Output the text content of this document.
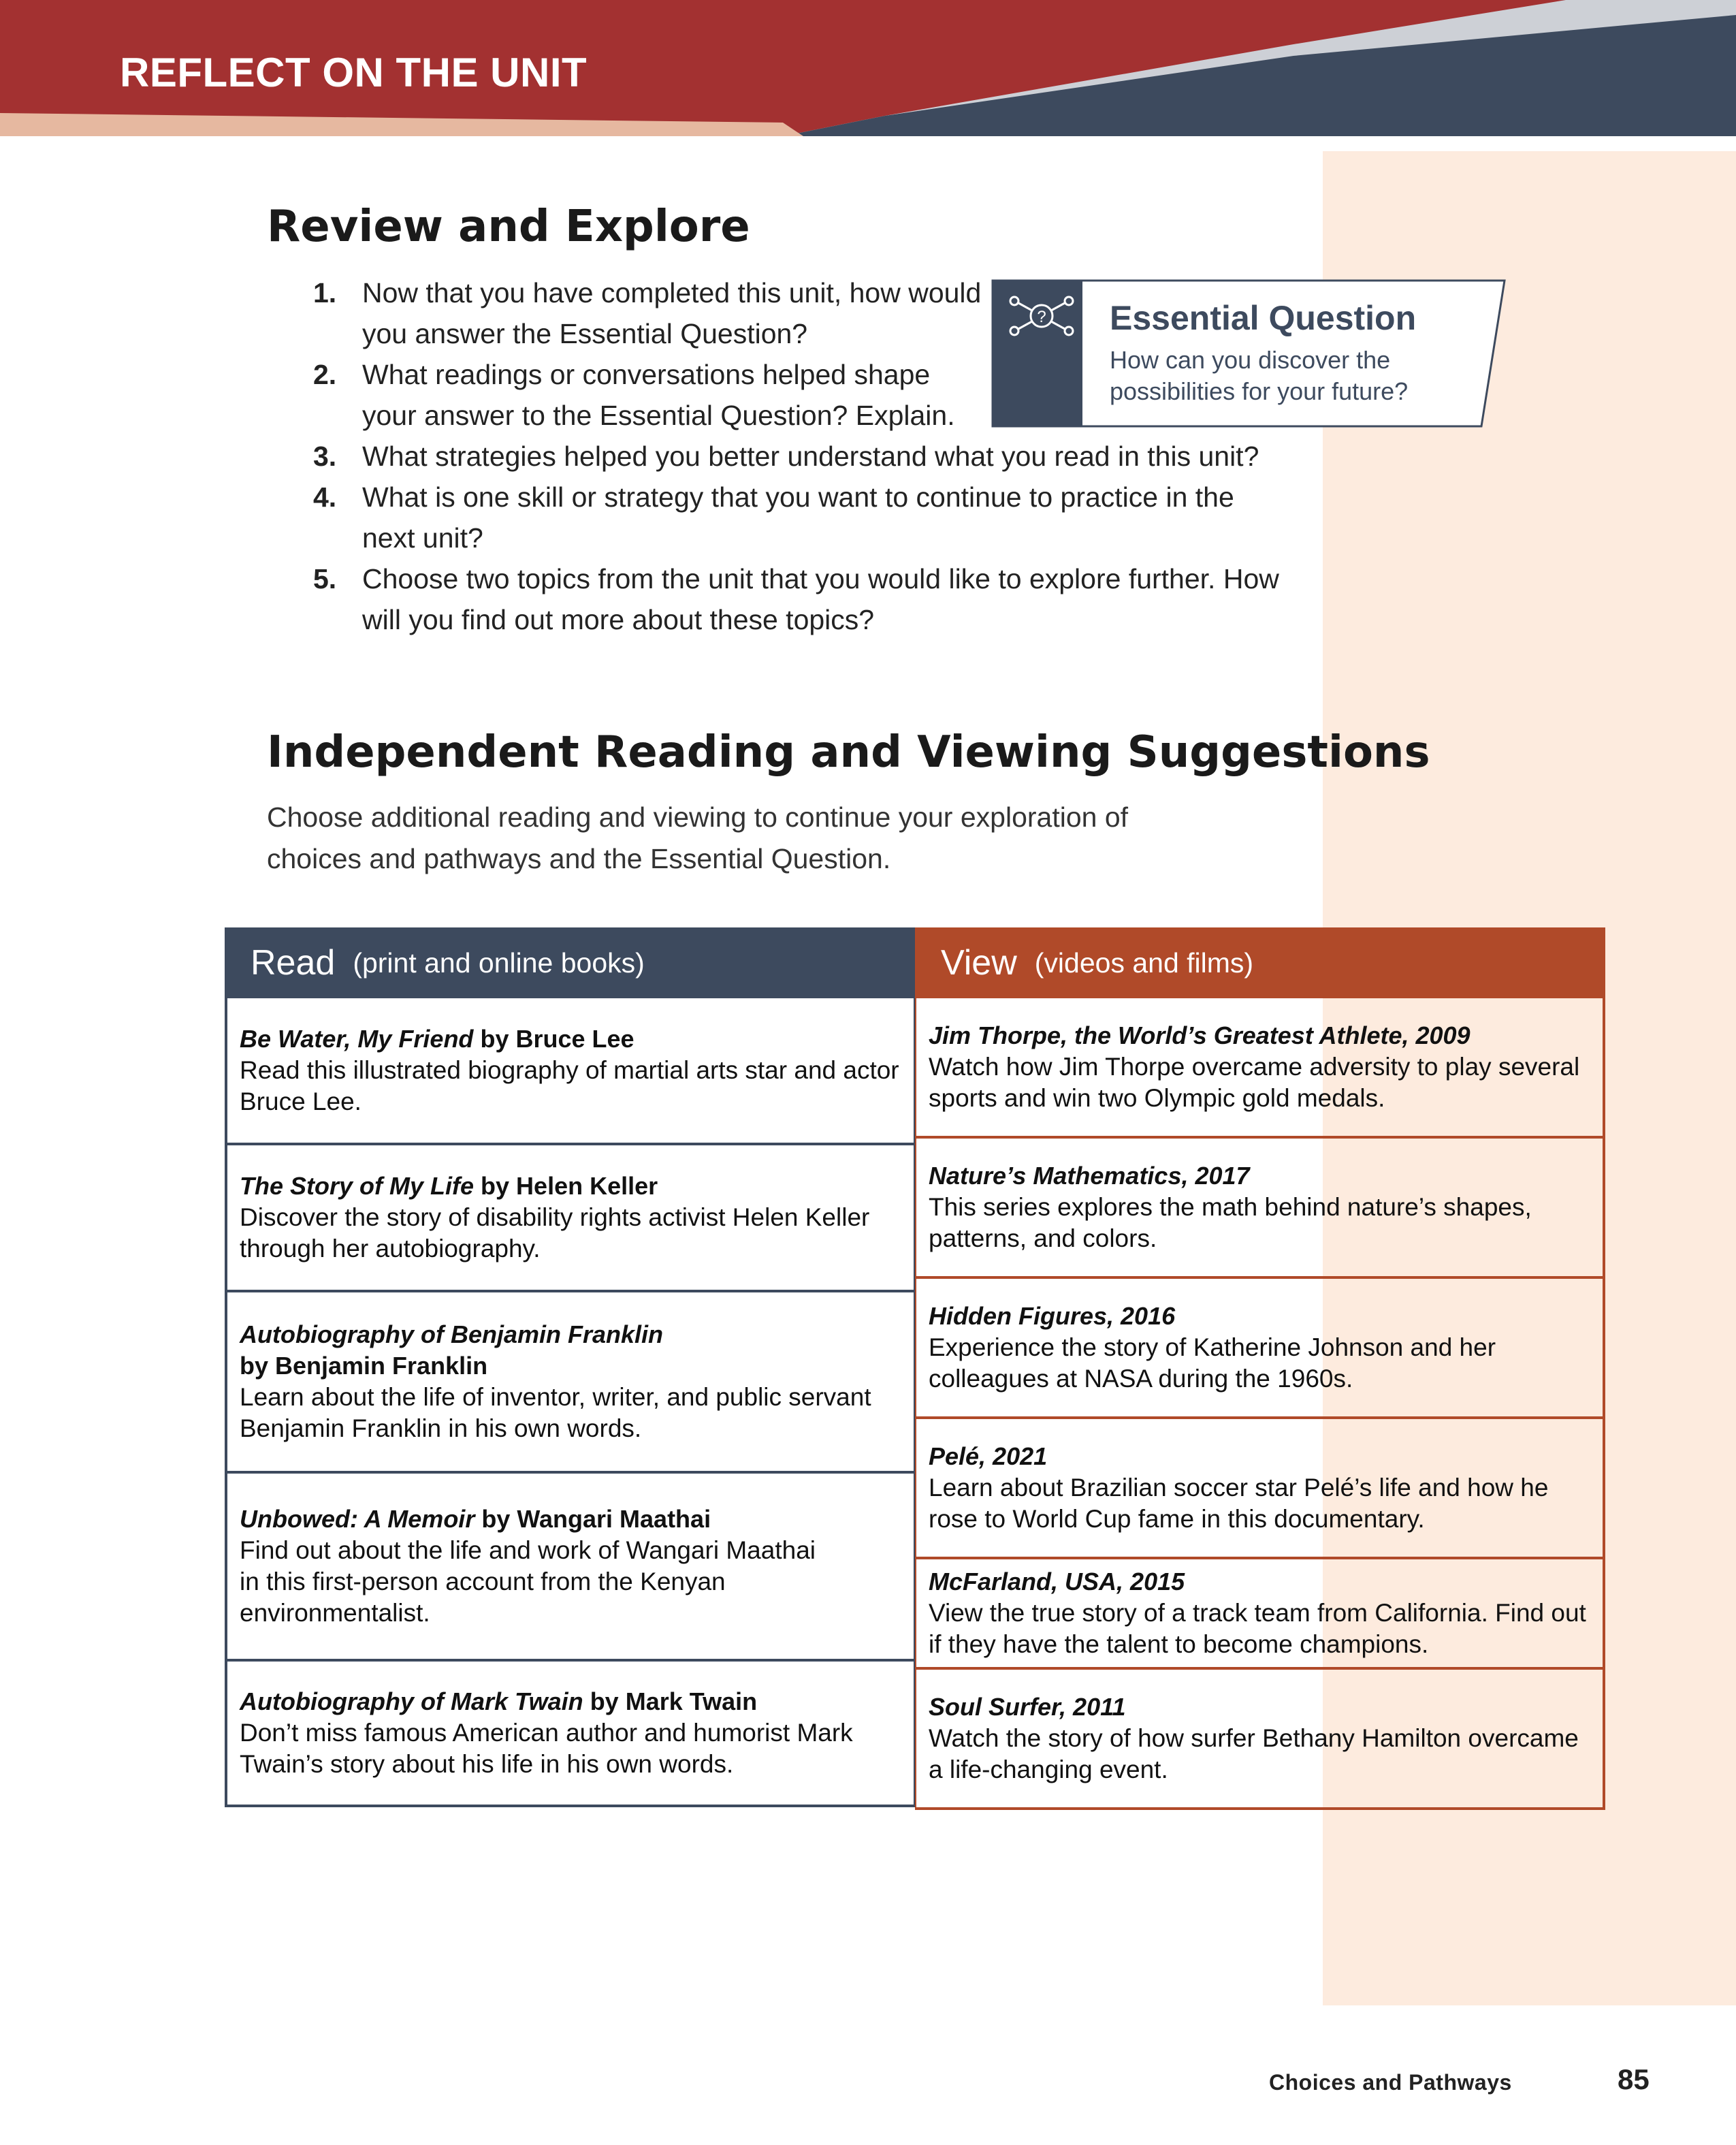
REFLECT ON THE UNIT
Review and Explore
1. Now that you have completed this unit, how would you answer the Essential Question?
2. What readings or conversations helped shape your answer to the Essential Question? Explain.
3. What strategies helped you better understand what you read in this unit?
4. What is one skill or strategy that you want to continue to practice in the next unit?
5. Choose two topics from the unit that you would like to explore further. How will you find out more about these topics?
? Essential Question

How can you discover the possibilities for your future?

Independent Reading and Viewing Suggestions

Choose additional reading and viewing to continue your exploration of choices and pathways and the Essential Question.

Read (print and online books)

Be Water, My Friend by Bruce Lee

Read this illustrated biography of martial arts star and actor Bruce Lee.

The Story of My Life by Helen Keller

Discover the story of disability rights activist Helen Keller through her autobiography.

Autobiography of Benjamin Franklin
by Benjamin Franklin

Learn about the life of inventor, writer, and public servant Benjamin Franklin in his own words.

Unbowed: A Memoir by Wangari Maathai

Find out about the life and work of Wangari Maathai in this first-person account from the Kenyan environmentalist.

Autobiography of Mark Twain by Mark Twain

Don’t miss famous American author and humorist Mark Twain’s story about his life in his own words.

View (videos and films)

Jim Thorpe, the World’s Greatest Athlete, 2009

Watch how Jim Thorpe overcame adversity to play several sports and win two Olympic gold medals.

Nature’s Mathematics, 2017

This series explores the math behind nature’s shapes, patterns, and colors.

Hidden Figures, 2016

Experience the story of Katherine Johnson and her colleagues at NASA during the 1960s.

Pelé, 2021

Learn about Brazilian soccer star Pelé’s life and how he rose to World Cup fame in this documentary.

McFarland, USA, 2015

View the true story of a track team from California. Find out if they have the talent to become champions.

Soul Surfer, 2011

Watch the story of how surfer Bethany Hamilton overcame a life-changing event.

Choices and Pathways	85
